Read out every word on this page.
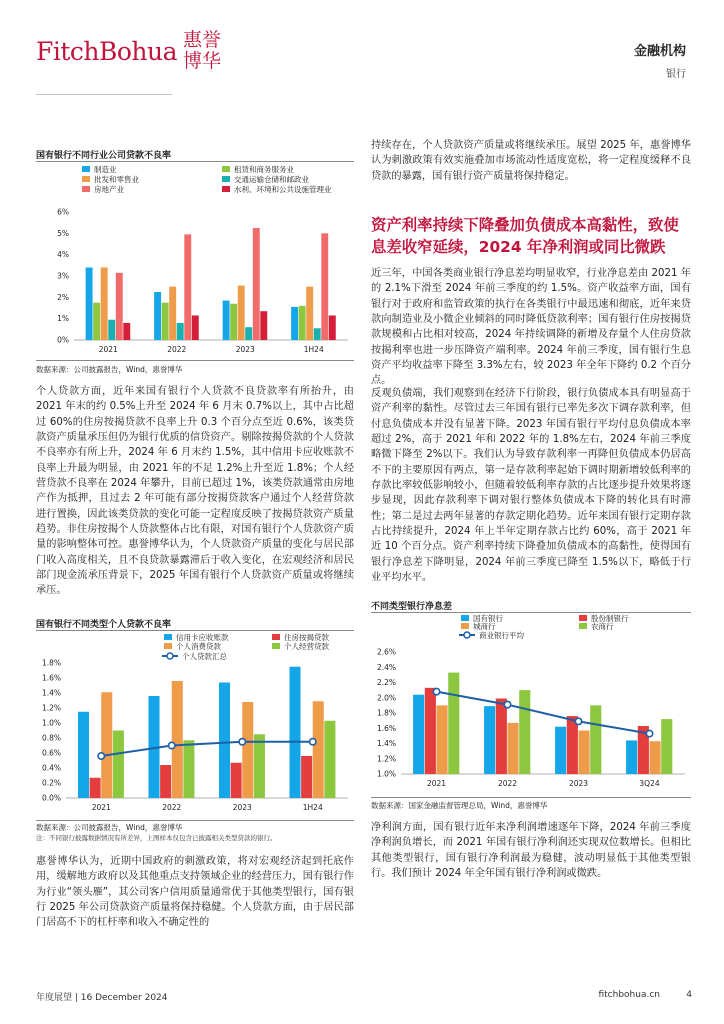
FitchBohua 惠誉博华	金融机构
银行
国有银行不同行业公司贷款不良率
制造业	租赁和商务服务业
批发和零售业	交通运输仓储和邮政业
房地产业	水利、环境和公共设施管理业
0%
1%
2%
3%
4%
5%
6%
2021	2022	2023	1H24
数据来源：公司披露报告，Wind，惠誉博华

个人贷款方面，近年来国有银行个人贷款不良贷款率有所抬升，由 2021 年末的约 0.5%上升至 2024 年 6 月末 0.7%以上，其中占比超过 60%的住房按揭贷款不良率上升 0.3 个百分点至近 0.6%，该类贷款资产质量承压但仍为银行优质的信贷资产。剔除按揭贷款的个人贷款不良率亦有所上升，2024 年 6 月末约 1.5%，其中信用卡应收账款不良率上升最为明显，由 2021 年的不足 1.2%上升至近 1.8%；个人经营贷款不良率在 2024 年攀升，目前已超过 1%，该类贷款通常由房地产作为抵押，且过去 2 年可能有部分按揭贷款客户通过个人经营贷款进行置换，因此该类贷款的变化可能一定程度反映了按揭贷款资产质量趋势。非住房按揭个人贷款整体占比有限，对国有银行个人贷款资产质量的影响整体可控。惠誉博华认为，个人贷款资产质量的变化与居民部门收入高度相关，且不良贷款暴露滞后于收入变化，在宏观经济和居民部门现金流承压背景下，2025 年国有银行个人贷款资产质量或将继续承压。

国有银行不同类型个人贷款不良率
信用卡应收账款	住房按揭贷款
个人消费贷款	个人经营贷款
个人贷款汇总
0.0%
0.2%
0.4%
0.6%
0.8%
1.0%
1.2%
1.4%
1.6%
1.8%
2021	2022	2023	1H24
数据来源：公司披露报告，Wind，惠誉博华
注：不同银行披露数据情况有所差异，上图样本仅包含已披露相关类型贷款的银行。

惠誉博华认为，近期中国政府的刺激政策，将对宏观经济起到托底作用，缓解地方政府以及其他重点支持领域企业的经营压力，国有银行作为行业“领头雁”，其公司客户信用质量通常优于其他类型银行，国有银行 2025 年公司贷款资产质量将保持稳健。个人贷款方面，由于居民部门居高不下的杠杆率和收入不确定性的

持续存在，个人贷款资产质量或将继续承压。展望 2025 年，惠誉博华认为刺激政策有效实施叠加市场流动性适度宽松，将一定程度缓释不良贷款的暴露，国有银行资产质量将保持稳定。

资产利率持续下降叠加负债成本高黏性，致使息差收窄延续，2024 年净利润或同比微跌

近三年，中国各类商业银行净息差均明显收窄，行业净息差由 2021 年的 2.1%下滑至 2024 年前三季度的约 1.5%。资产收益率方面，国有银行对于政府和监管政策的执行在各类银行中最迅速和彻底，近年来贷款向制造业及小微企业倾斜的同时降低贷款利率；国有银行住房按揭贷款规模和占比相对较高，2024 年持续调降的新增及存量个人住房贷款按揭利率也进一步压降资产端利率。2024 年前三季度，国有银行生息资产平均收益率下降至 3.3%左右，较 2023 年全年下降约 0.2 个百分点。

反观负债端，我们观察到在经济下行阶段，银行负债成本具有明显高于资产利率的黏性。尽管过去三年国有银行已率先多次下调存款利率，但付息负债成本并没有显著下降。2023 年国有银行平均付息负债成本率超过 2%，高于 2021 年和 2022 年的 1.8%左右，2024 年前三季度略微下降至 2%以下。我们认为导致存款利率一再降但负债成本仍居高不下的主要原因有两点，第一是存款利率起始下调时期新增较低利率的存款比率较低影响较小，但随着较低利率存款的占比逐步提升效果将逐步显现，因此存款利率下调对银行整体负债成本下降的转化具有时滞性；第二是过去两年显著的存款定期化趋势。近年来国有银行定期存款占比持续提升，2024 年上半年定期存款占比约 60%，高于 2021 年近 10 个百分点。资产利率持续下降叠加负债成本的高黏性，使得国有银行净息差下降明显，2024 年前三季度已降至 1.5%以下，略低于行业平均水平。

不同类型银行净息差
国有银行	股份制银行
城商行	农商行
商业银行平均
1.0%
1.2%
1.4%
1.6%
1.8%
2.0%
2.2%
2.4%
2.6%
2021	2022	2023	3Q24
数据来源：国家金融监督管理总局，Wind，惠誉博华

净利润方面，国有银行近年来净利润增速逐年下降，2024 年前三季度净利润负增长，而 2021 年国有银行净利润还实现双位数增长。但相比其他类型银行，国有银行净利润最为稳健，波动明显低于其他类型银行。我们预计 2024 年全年国有银行净利润或微跌。

年度展望 | 16 December 2024	fitchbohua.cn	4
